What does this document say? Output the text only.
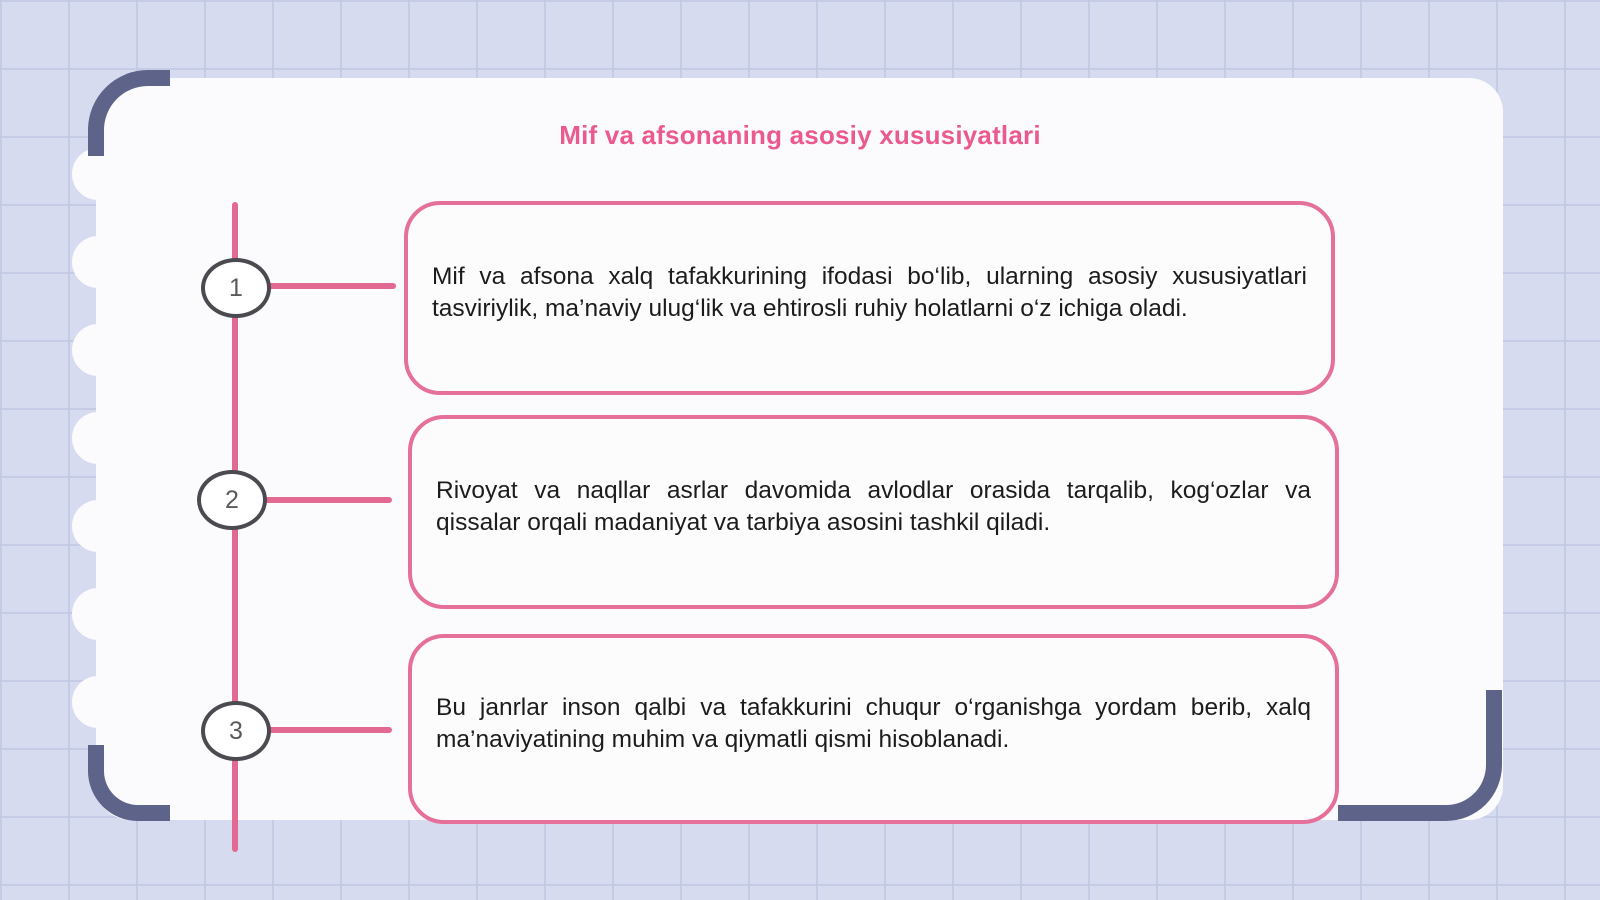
Mif va afsonaning asosiy xususiyatlari
1	Mif va afsona xalq tafakkurining ifodasi bo‘lib, ularning asosiy xususiyatlari tasviriylik, ma’naviy ulug‘lik va ehtirosli ruhiy holatlarni o‘z ichiga oladi.
2	Rivoyat va naqllar asrlar davomida avlodlar orasida tarqalib, kog‘ozlar va qissalar orqali madaniyat va tarbiya asosini tashkil qiladi.
3
Bu janrlar inson qalbi va tafakkurini chuqur o‘rganishga yordam berib, xalq ma’naviyatining muhim va qiymatli qismi hisoblanadi.
